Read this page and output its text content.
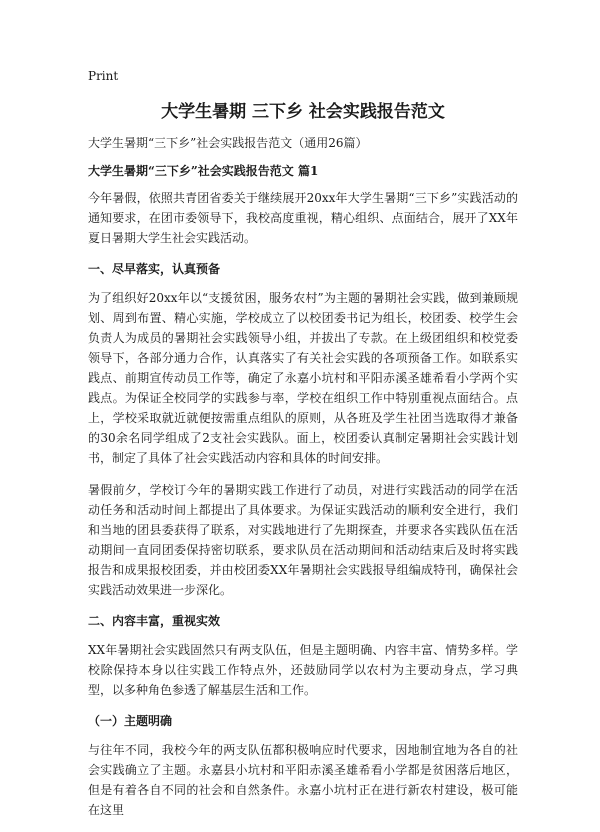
Print
大学生暑期 三下乡 社会实践报告范文
大学生暑期“三下乡”社会实践报告范文（通用26篇）
大学生暑期“三下乡”社会实践报告范文 篇1

今年暑假，依照共青团省委关于继续展开20xx年大学生暑期“三下乡”实践活动的通知要求，在团市委领导下，我校高度重视，精心组织、点面结合，展开了XX年夏日暑期大学生社会实践活动。

一、尽早落实，认真预备

为了组织好20xx年以“支援贫困，服务农村”为主题的暑期社会实践，做到兼顾规划、周到布置、精心实施，学校成立了以校团委书记为组长，校团委、校学生会负责人为成员的暑期社会实践领导小组，并拔出了专款。在上级团组织和校党委领导下，各部分通力合作，认真落实了有关社会实践的各项预备工作。如联系实践点、前期宣传动员工作等，确定了永嘉小坑村和平阳赤溪圣雄希看小学两个实践点。为保证全校同学的实践参与率，学校在组织工作中特别重视点面结合。点上，学校采取就近就便按需重点组队的原则，从各班及学生社团当选取得才兼备的30余名同学组成了2支社会实践队。面上，校团委认真制定暑期社会实践计划书，制定了具体了社会实践活动内容和具体的时间安排。

暑假前夕，学校订今年的暑期实践工作进行了动员，对进行实践活动的同学在活动任务和活动时间上都提出了具体要求。为保证实践活动的顺利安全进行，我们和当地的团县委获得了联系，对实践地进行了先期探查，并要求各实践队伍在活动期间一直同团委保持密切联系，要求队员在活动期间和活动结束后及时将实践报告和成果报校团委，并由校团委XX年暑期社会实践报导组编成特刊，确保社会实践活动效果进一步深化。

二、内容丰富，重视实效

XX年暑期社会实践固然只有两支队伍，但是主题明确、内容丰富、情势多样。学校除保持本身以往实践工作特点外，还鼓励同学以农村为主要动身点，学习典型，以多种角色参透了解基层生活和工作。

（一）主题明确

与往年不同，我校今年的两支队伍都积极响应时代要求，因地制宜地为各自的社会实践确立了主题。永嘉县小坑村和平阳赤溪圣雄希看小学都是贫困落后地区，但是有着各自不同的社会和自然条件。永嘉小坑村正在进行新农村建设，极可能在这里
